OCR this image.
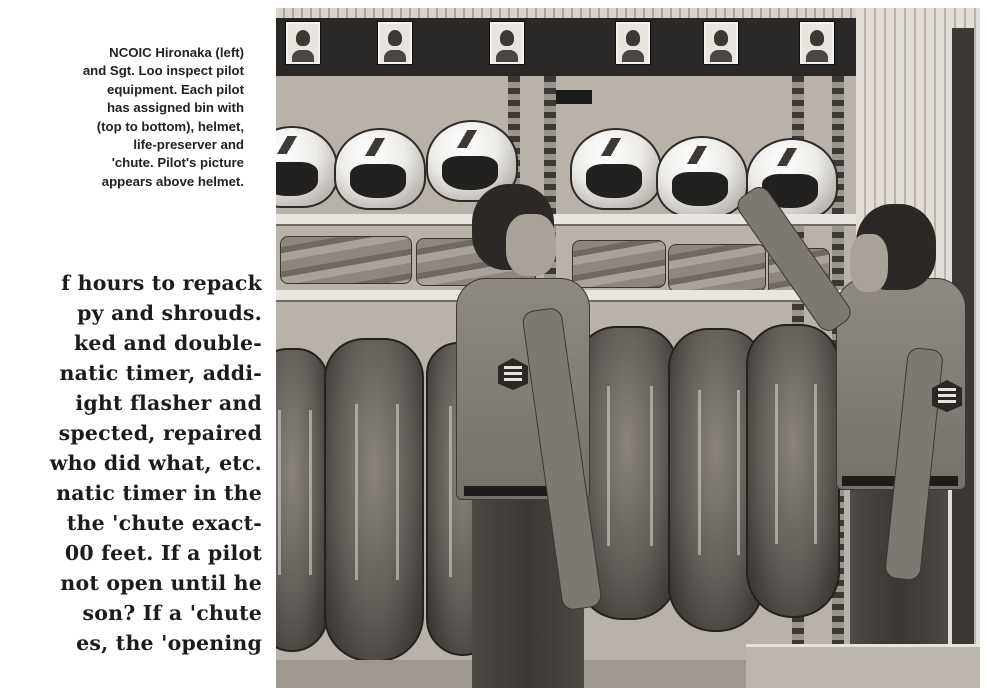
NCOIC Hironaka (left)
and Sgt. Loo inspect pilot
equipment. Each pilot
has assigned bin with
(top to bottom), helmet,
life-preserver and
'chute. Pilot's picture
appears above helmet.
f hours to repack
py and shrouds.
ked and double-
natic timer, addi-
ight flasher and
spected, repaired
who did what, etc.
natic timer in the
the 'chute exact-
00 feet. If a pilot
not open until he
son? If a 'chute
es, the 'opening
